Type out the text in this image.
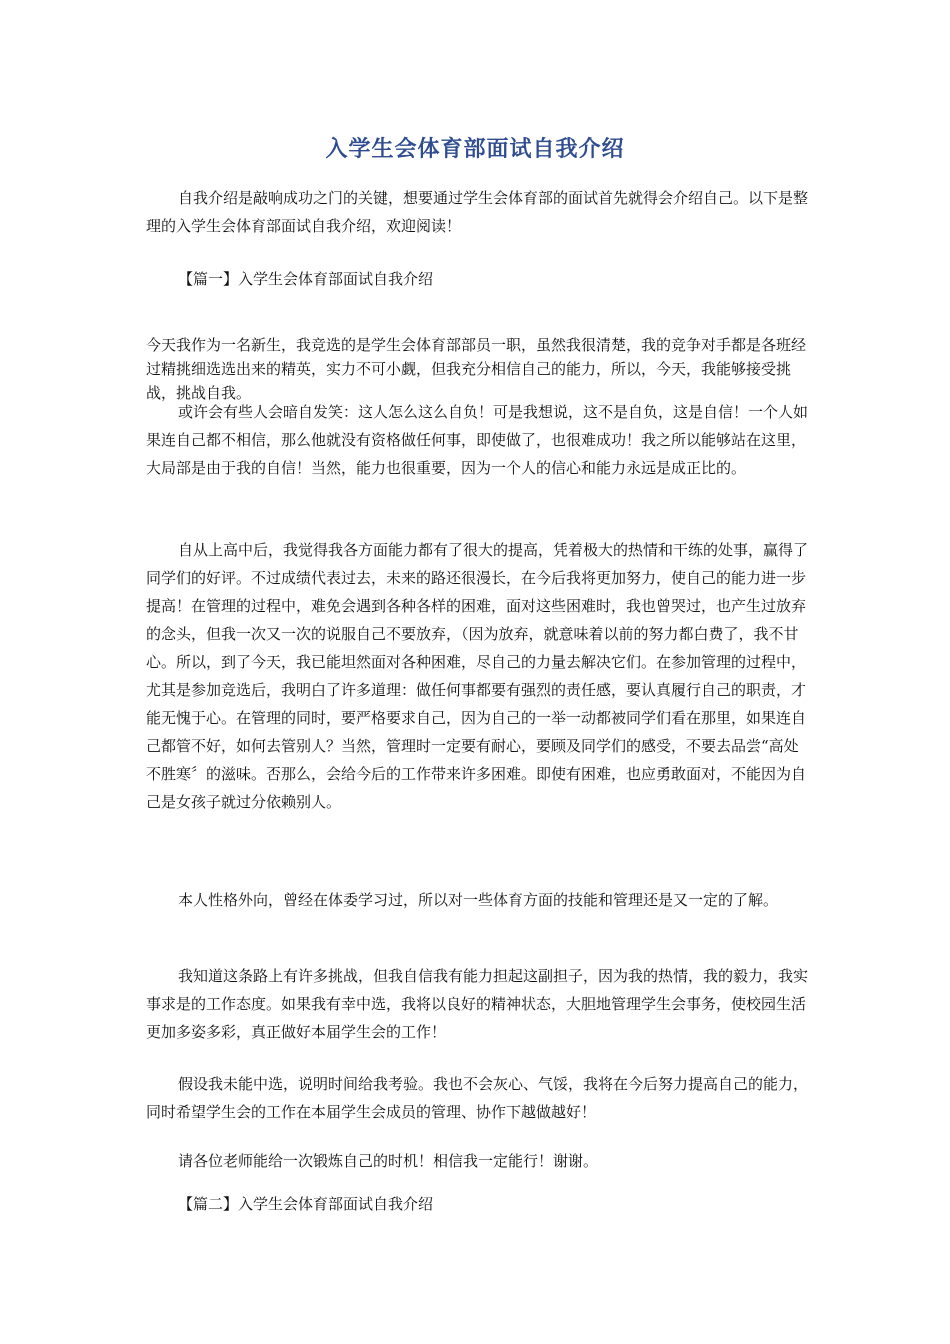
入学生会体育部面试自我介绍

自我介绍是敲响成功之门的关键，想要通过学生会体育部的面试首先就得会介绍自己。以下是整理的入学生会体育部面试自我介绍，欢迎阅读！

【篇一】入学生会体育部面试自我介绍

今天我作为一名新生，我竞选的是学生会体育部部员一职，虽然我很清楚，我的竞争对手都是各班经过精挑细选选出来的精英，实力不可小觑，但我充分相信自己的能力，所以，今天，我能够接受挑战，挑战自我。

或许会有些人会暗自发笑：这人怎么这么自负！可是我想说，这不是自负，这是自信！一个人如果连自己都不相信，那么他就没有资格做任何事，即使做了，也很难成功！我之所以能够站在这里，大局部是由于我的自信！当然，能力也很重要，因为一个人的信心和能力永远是成正比的。

自从上高中后，我觉得我各方面能力都有了很大的提高，凭着极大的热情和干练的处事，赢得了同学们的好评。不过成绩代表过去，未来的路还很漫长，在今后我将更加努力，使自己的能力进一步提高！在管理的过程中，难免会遇到各种各样的困难，面对这些困难时，我也曾哭过，也产生过放弃的念头，但我一次又一次的说服自己不要放弃，（因为放弃，就意味着以前的努力都白费了，我不甘心。所以，到了今天，我已能坦然面对各种困难，尽自己的力量去解决它们。在参加管理的过程中，尤其是参加竞选后，我明白了许多道理：做任何事都要有强烈的责任感，要认真履行自己的职责，才能无愧于心。在管理的同时，要严格要求自己，因为自己的一举一动都被同学们看在那里，如果连自己都管不好，如何去管别人？当然，管理时一定要有耐心，要顾及同学们的感受，不要去品尝“高处不胜寒〞的滋味。否那么，会给今后的工作带来许多困难。即使有困难，也应勇敢面对，不能因为自己是女孩子就过分依赖别人。

本人性格外向，曾经在体委学习过，所以对一些体育方面的技能和管理还是又一定的了解。

我知道这条路上有许多挑战，但我自信我有能力担起这副担子，因为我的热情，我的毅力，我实事求是的工作态度。如果我有幸中选，我将以良好的精神状态，大胆地管理学生会事务，使校园生活更加多姿多彩，真正做好本届学生会的工作！

假设我未能中选，说明时间给我考验。我也不会灰心、气馁，我将在今后努力提高自己的能力，同时希望学生会的工作在本届学生会成员的管理、协作下越做越好！

请各位老师能给一次锻炼自己的时机！相信我一定能行！谢谢。

【篇二】入学生会体育部面试自我介绍
